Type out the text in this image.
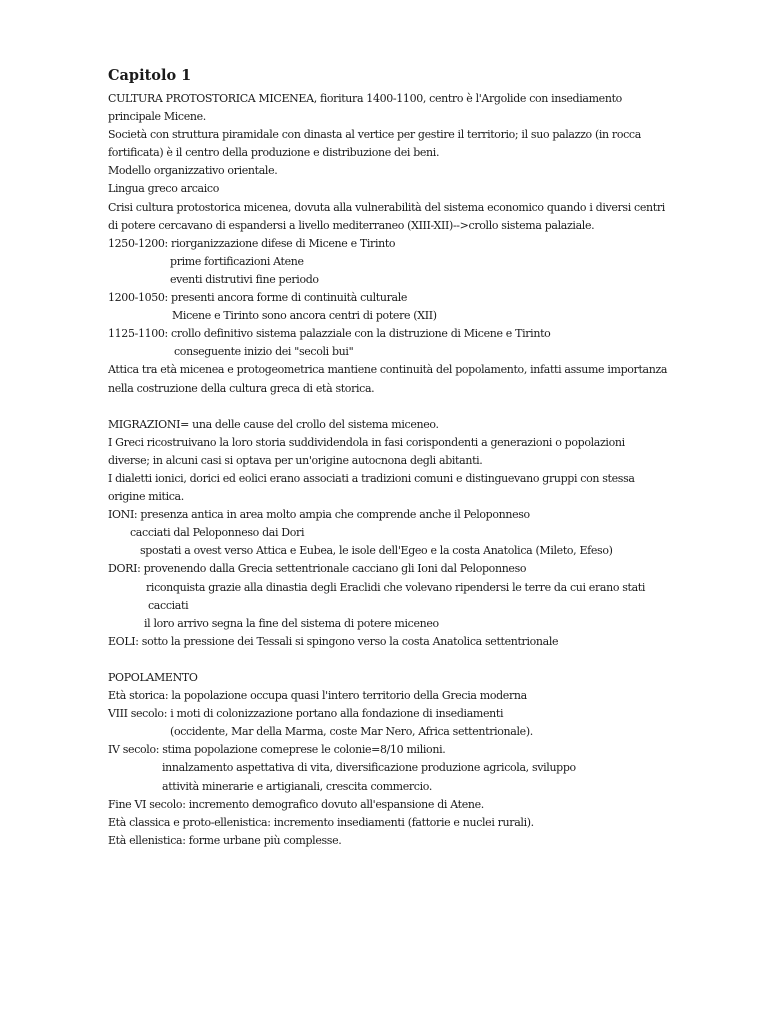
Capitolo 1
CULTURA PROTOSTORICA MICENEA, fioritura 1400-1100, centro è l'Argolide con insediamento
principale Micene.
Società con struttura piramidale con dinasta al vertice per gestire il territorio; il suo palazzo (in rocca
fortificata) è il centro della produzione e distribuzione dei beni.
Modello organizzativo orientale.
Lingua greco arcaico
Crisi cultura protostorica micenea, dovuta alla vulnerabilità del sistema economico quando i diversi centri
di potere cercavano di espandersi a livello mediterraneo (XIII-XII)-->crollo sistema palaziale.
1250-1200: riorganizzazione difese di Micene e Tirinto
prime fortificazioni Atene
eventi distrutivi fine periodo
1200-1050: presenti ancora forme di continuità culturale
Micene e Tirinto sono ancora centri di potere (XII)
1125-1100: crollo definitivo sistema palazziale con la distruzione di Micene e Tirinto
conseguente inizio dei "secoli bui"
Attica tra età micenea e protogeometrica mantiene continuità del popolamento, infatti assume importanza
nella costruzione della cultura greca di età storica.
MIGRAZIONI= una delle cause del crollo del sistema miceneo.
I Greci ricostruivano la loro storia suddividendola in fasi corispondenti a generazioni o popolazioni
diverse; in alcuni casi si optava per un'origine autocnona degli abitanti.
I dialetti ionici, dorici ed eolici erano associati a tradizioni comuni e distinguevano gruppi con stessa
origine mitica.
IONI: presenza antica in area molto ampia che comprende anche il Peloponneso
cacciati dal Peloponneso dai Dori
spostati a ovest verso Attica e Eubea, le isole dell'Egeo e la costa Anatolica (Mileto, Efeso)
DORI: provenendo dalla Grecia settentrionale cacciano gli Ioni dal Peloponneso
riconquista grazie alla dinastia degli Eraclidi che volevano ripendersi le terre da cui erano stati
cacciati
il loro arrivo segna la fine del sistema di potere miceneo
EOLI: sotto la pressione dei Tessali si spingono verso la costa Anatolica settentrionale
POPOLAMENTO
Età storica: la popolazione occupa quasi l'intero territorio della Grecia moderna
VIII secolo: i moti di colonizzazione portano alla fondazione di insediamenti
(occidente, Mar della Marma, coste Mar Nero, Africa settentrionale).
IV secolo: stima popolazione comeprese le colonie=8/10 milioni.
innalzamento aspettativa di vita, diversificazione produzione agricola, sviluppo
attività minerarie e artigianali, crescita commercio.
Fine VI secolo: incremento demografico dovuto all'espansione di Atene.
Età classica e proto-ellenistica: incremento insediamenti (fattorie e nuclei rurali).
Età ellenistica: forme urbane più complesse.
